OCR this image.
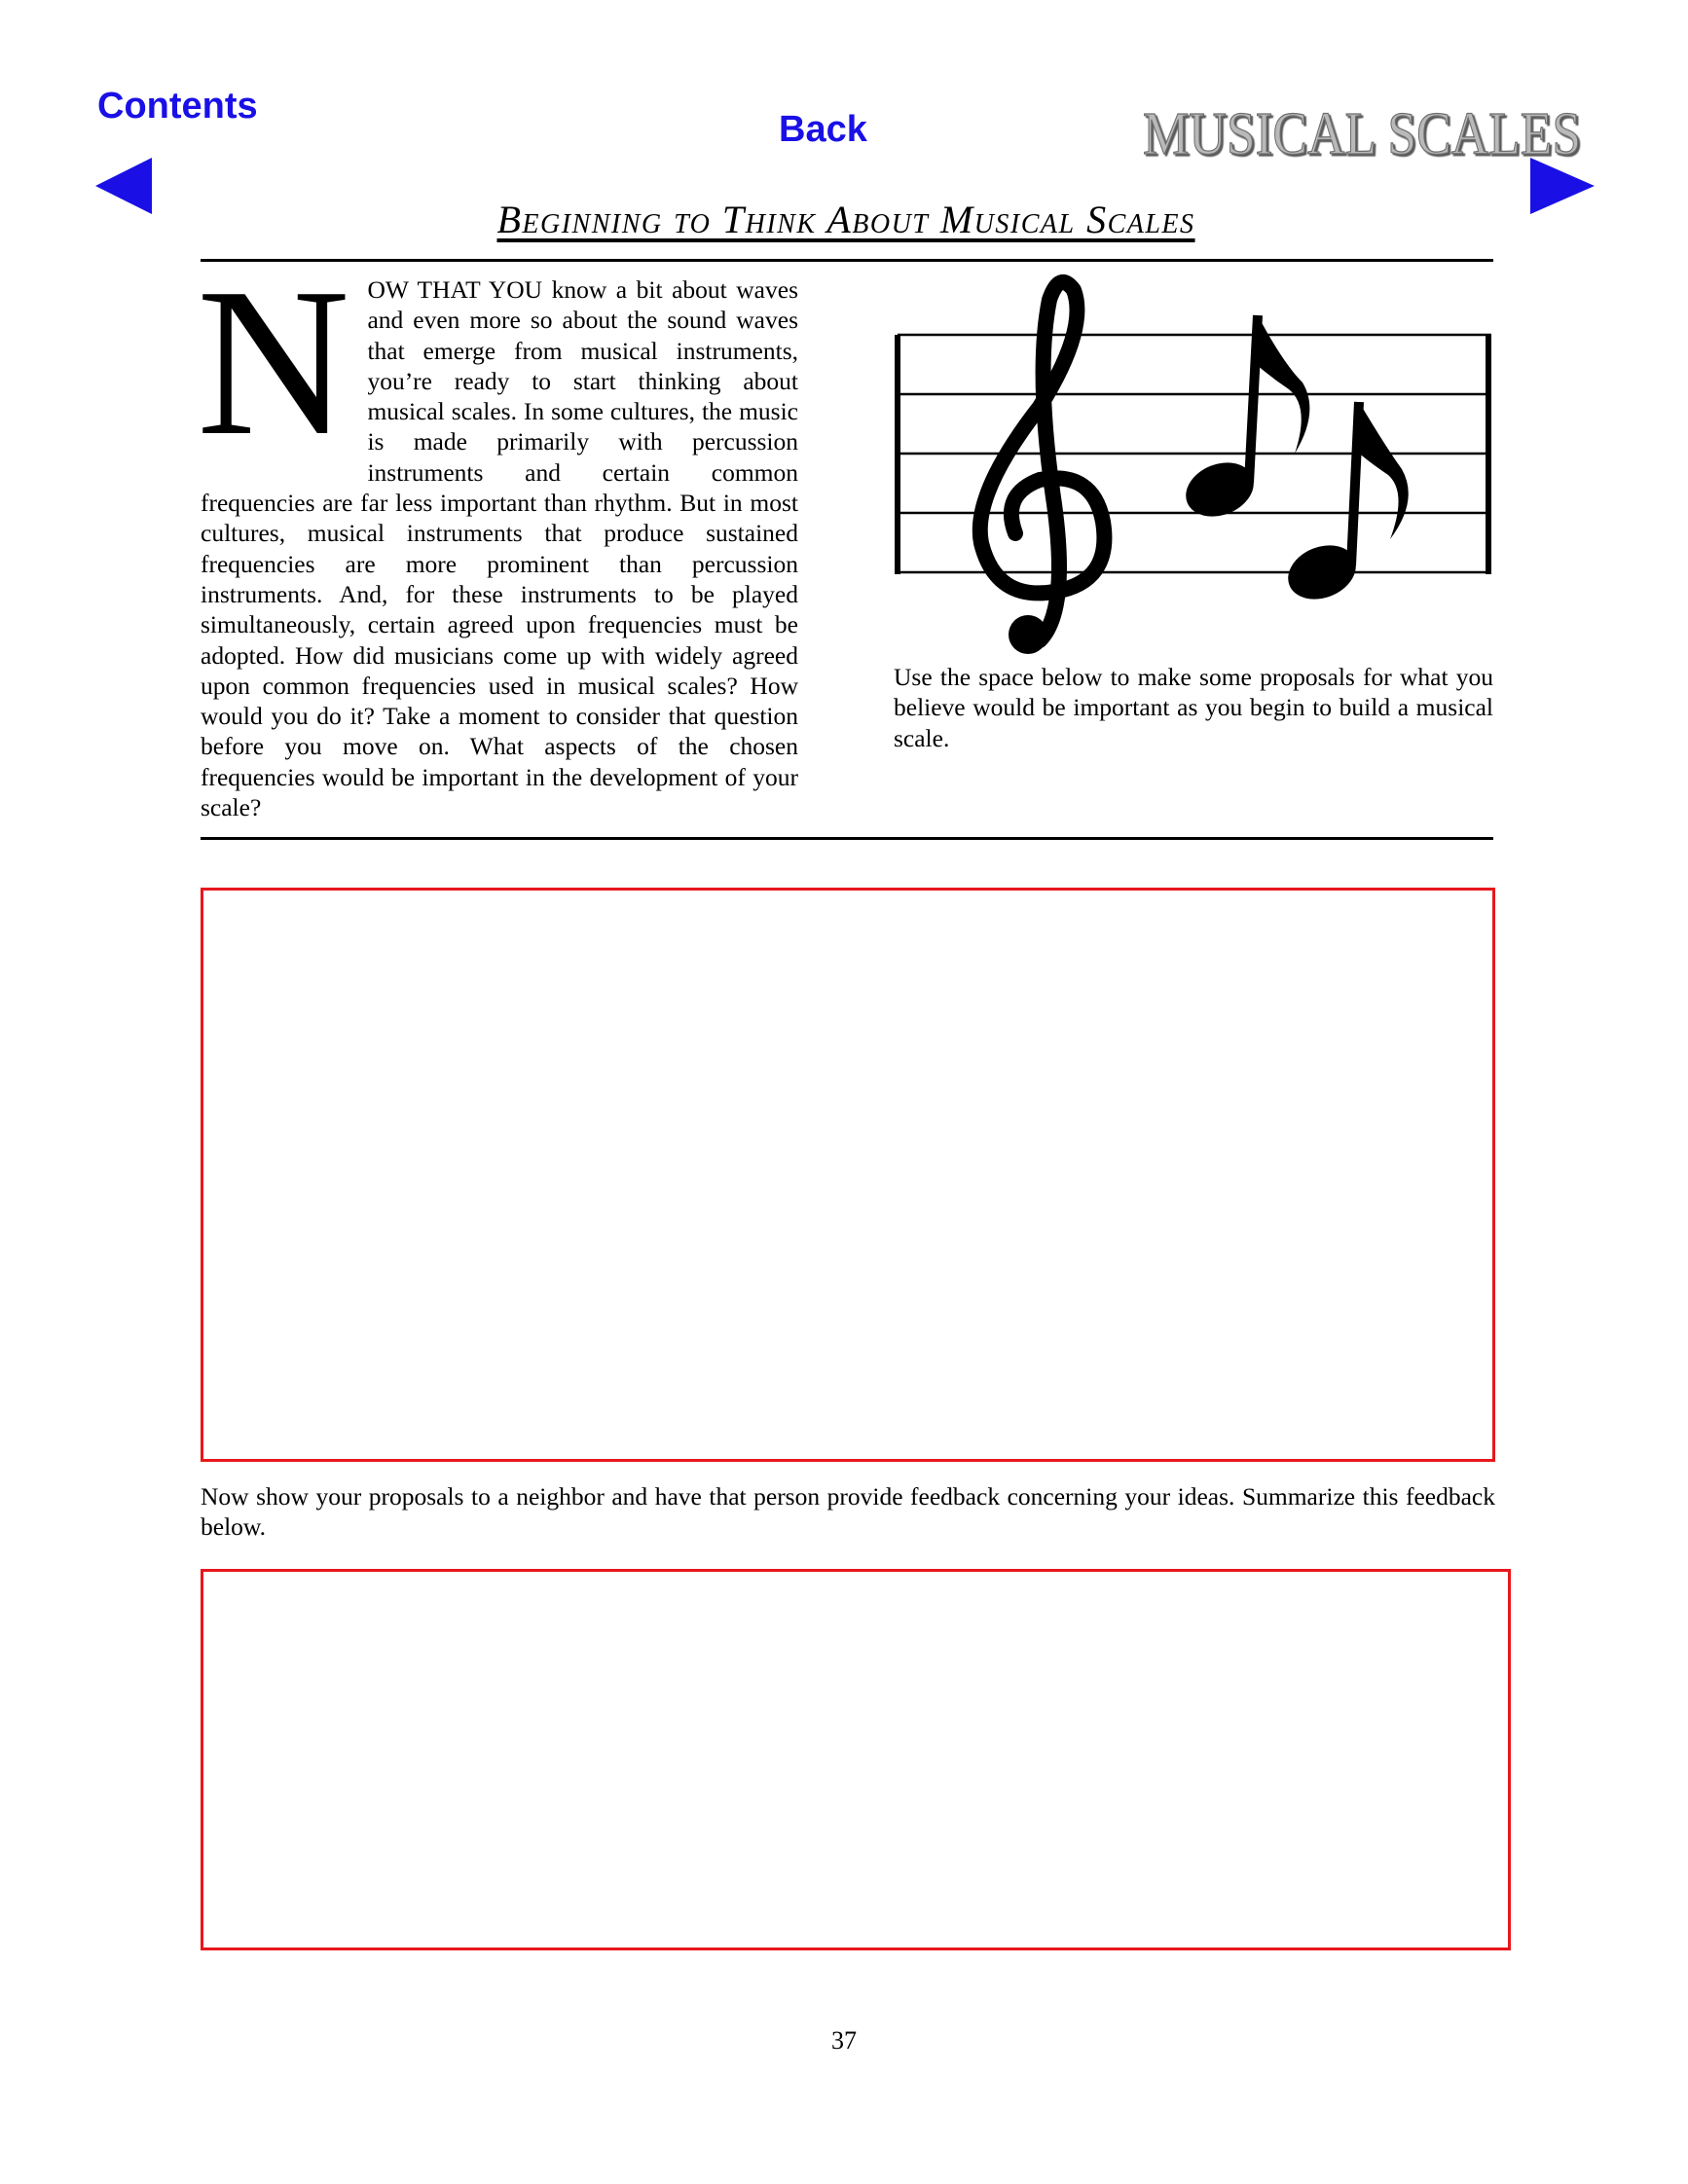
Contents
Back	MUSICAL SCALES
Beginning to Think About Musical Scales
N OW THAT YOU know a bit about waves and even more so about the sound waves that emerge from musical instruments, you’re ready to start thinking about musical scales. In some cultures, the music is made primarily with percussion instruments and certain common frequencies are far less important than rhythm. But in most cultures, musical instruments that produce sustained frequencies are more prominent than percussion instruments. And, for these instruments to be played simultaneously, certain agreed upon frequencies must be adopted. How did musicians come up with widely agreed upon common frequencies used in musical scales? How would you do it? Take a moment to consider that question before you move on. What aspects of the chosen frequencies would be important in the development of your scale?
Use the space below to make some proposals for what you believe would be important as you begin to build a musical scale.
Now show your proposals to a neighbor and have that person provide feedback concerning your ideas. Summarize this feedback below.
37
